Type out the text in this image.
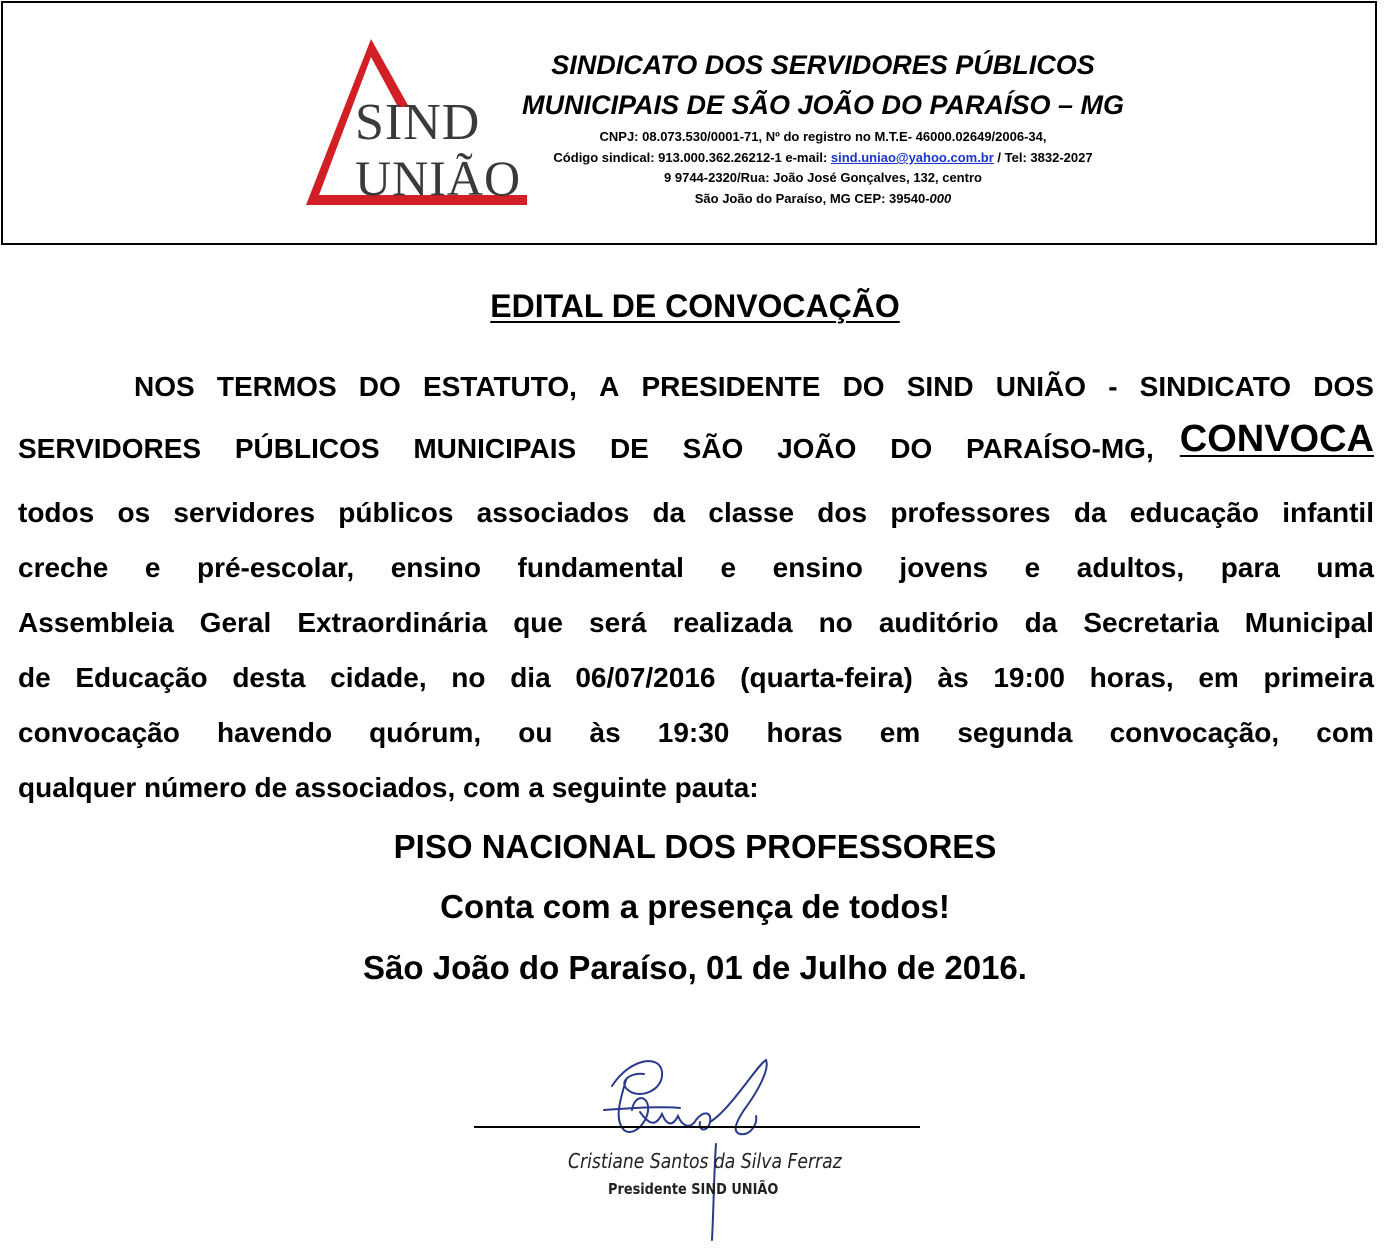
SIND
UNIÃO
SINDICATO DOS SERVIDORES PÚBLICOS
MUNICIPAIS DE SÃO JOÃO DO PARAÍSO – MG
CNPJ: 08.073.530/0001-71, Nº do registro no M.T.E- 46000.02649/2006-34,
Código sindical: 913.000.362.26212-1 e-mail: sind.uniao@yahoo.com.br / Tel: 3832-2027
9 9744-2320/Rua: João José Gonçalves, 132, centro
São João do Paraíso, MG CEP: 39540-000
EDITAL DE CONVOCAÇÃO
NOS TERMOS DO ESTATUTO, A PRESIDENTE DO SIND UNIÃO - SINDICATO DOS
SERVIDORES PÚBLICOS MUNICIPAIS DE SÃO JOÃO DO PARAÍSO-MG, CONVOCA
todos os servidores públicos associados da classe dos professores da educação infantil
creche e pré-escolar, ensino fundamental e ensino jovens e adultos, para uma
Assembleia Geral Extraordinária que será realizada no auditório da Secretaria Municipal
de Educação desta cidade, no dia 06/07/2016 (quarta-feira) às 19:00 horas, em primeira
convocação havendo quórum, ou às 19:30 horas em segunda convocação, com
qualquer número de associados, com a seguinte pauta:
PISO NACIONAL DOS PROFESSORES
Conta com a presença de todos!
São João do Paraíso, 01 de Julho de 2016.
Cristiane Santos da Silva Ferraz
Presidente SIND UNIÃO
